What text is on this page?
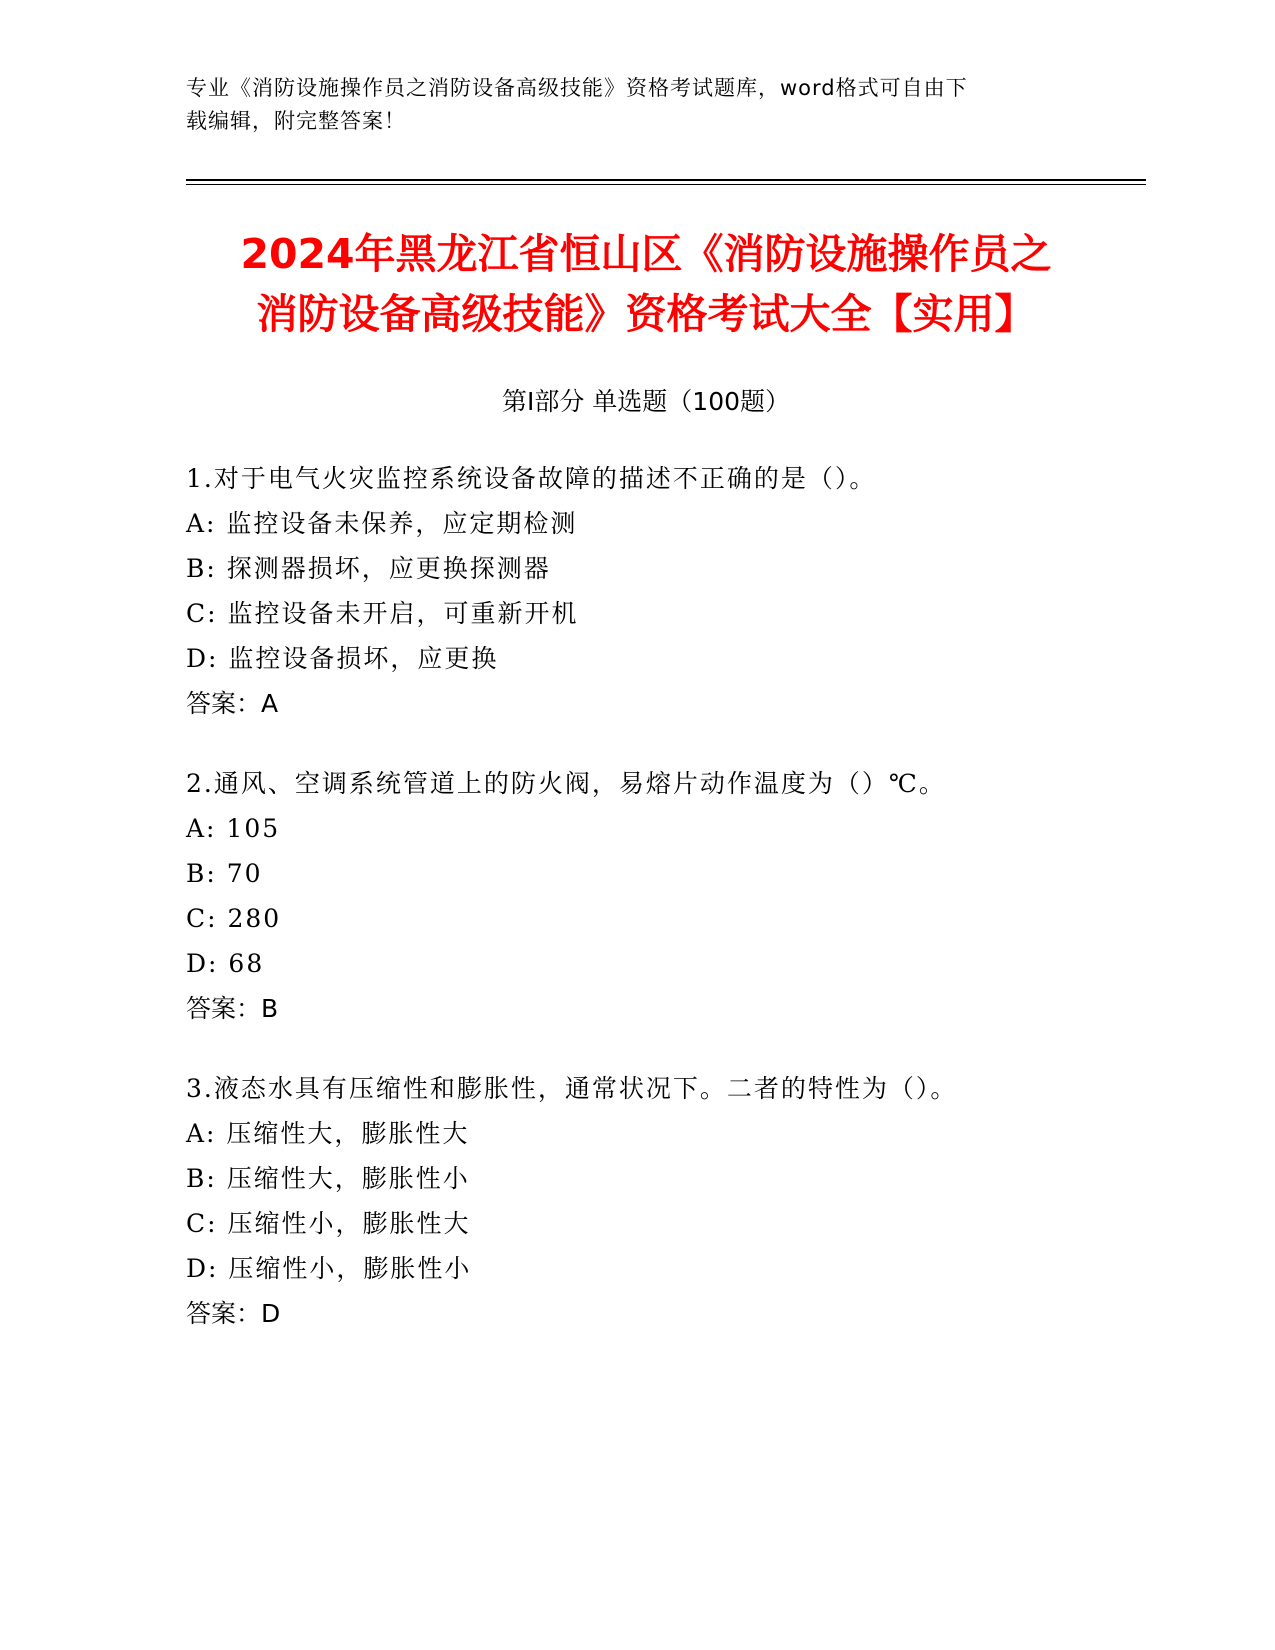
专业《消防设施操作员之消防设备高级技能》资格考试题库，word格式可自由下
载编辑，附完整答案！
2024年黑龙江省恒山区《消防设施操作员之
消防设备高级技能》资格考试大全【实用】
第Ⅰ部分 单选题（100题）
1.对于电气火灾监控系统设备故障的描述不正确的是（）。
A: 监控设备未保养，应定期检测
B: 探测器损坏，应更换探测器
C: 监控设备未开启，可重新开机
D: 监控设备损坏，应更换
答案：A
2.通风、空调系统管道上的防火阀，易熔片动作温度为（）℃。
A: 105
B: 70
C: 280
D: 68
答案：B
3.液态水具有压缩性和膨胀性，通常状况下。二者的特性为（）。
A: 压缩性大，膨胀性大
B: 压缩性大，膨胀性小
C: 压缩性小，膨胀性大
D: 压缩性小，膨胀性小
答案：D
